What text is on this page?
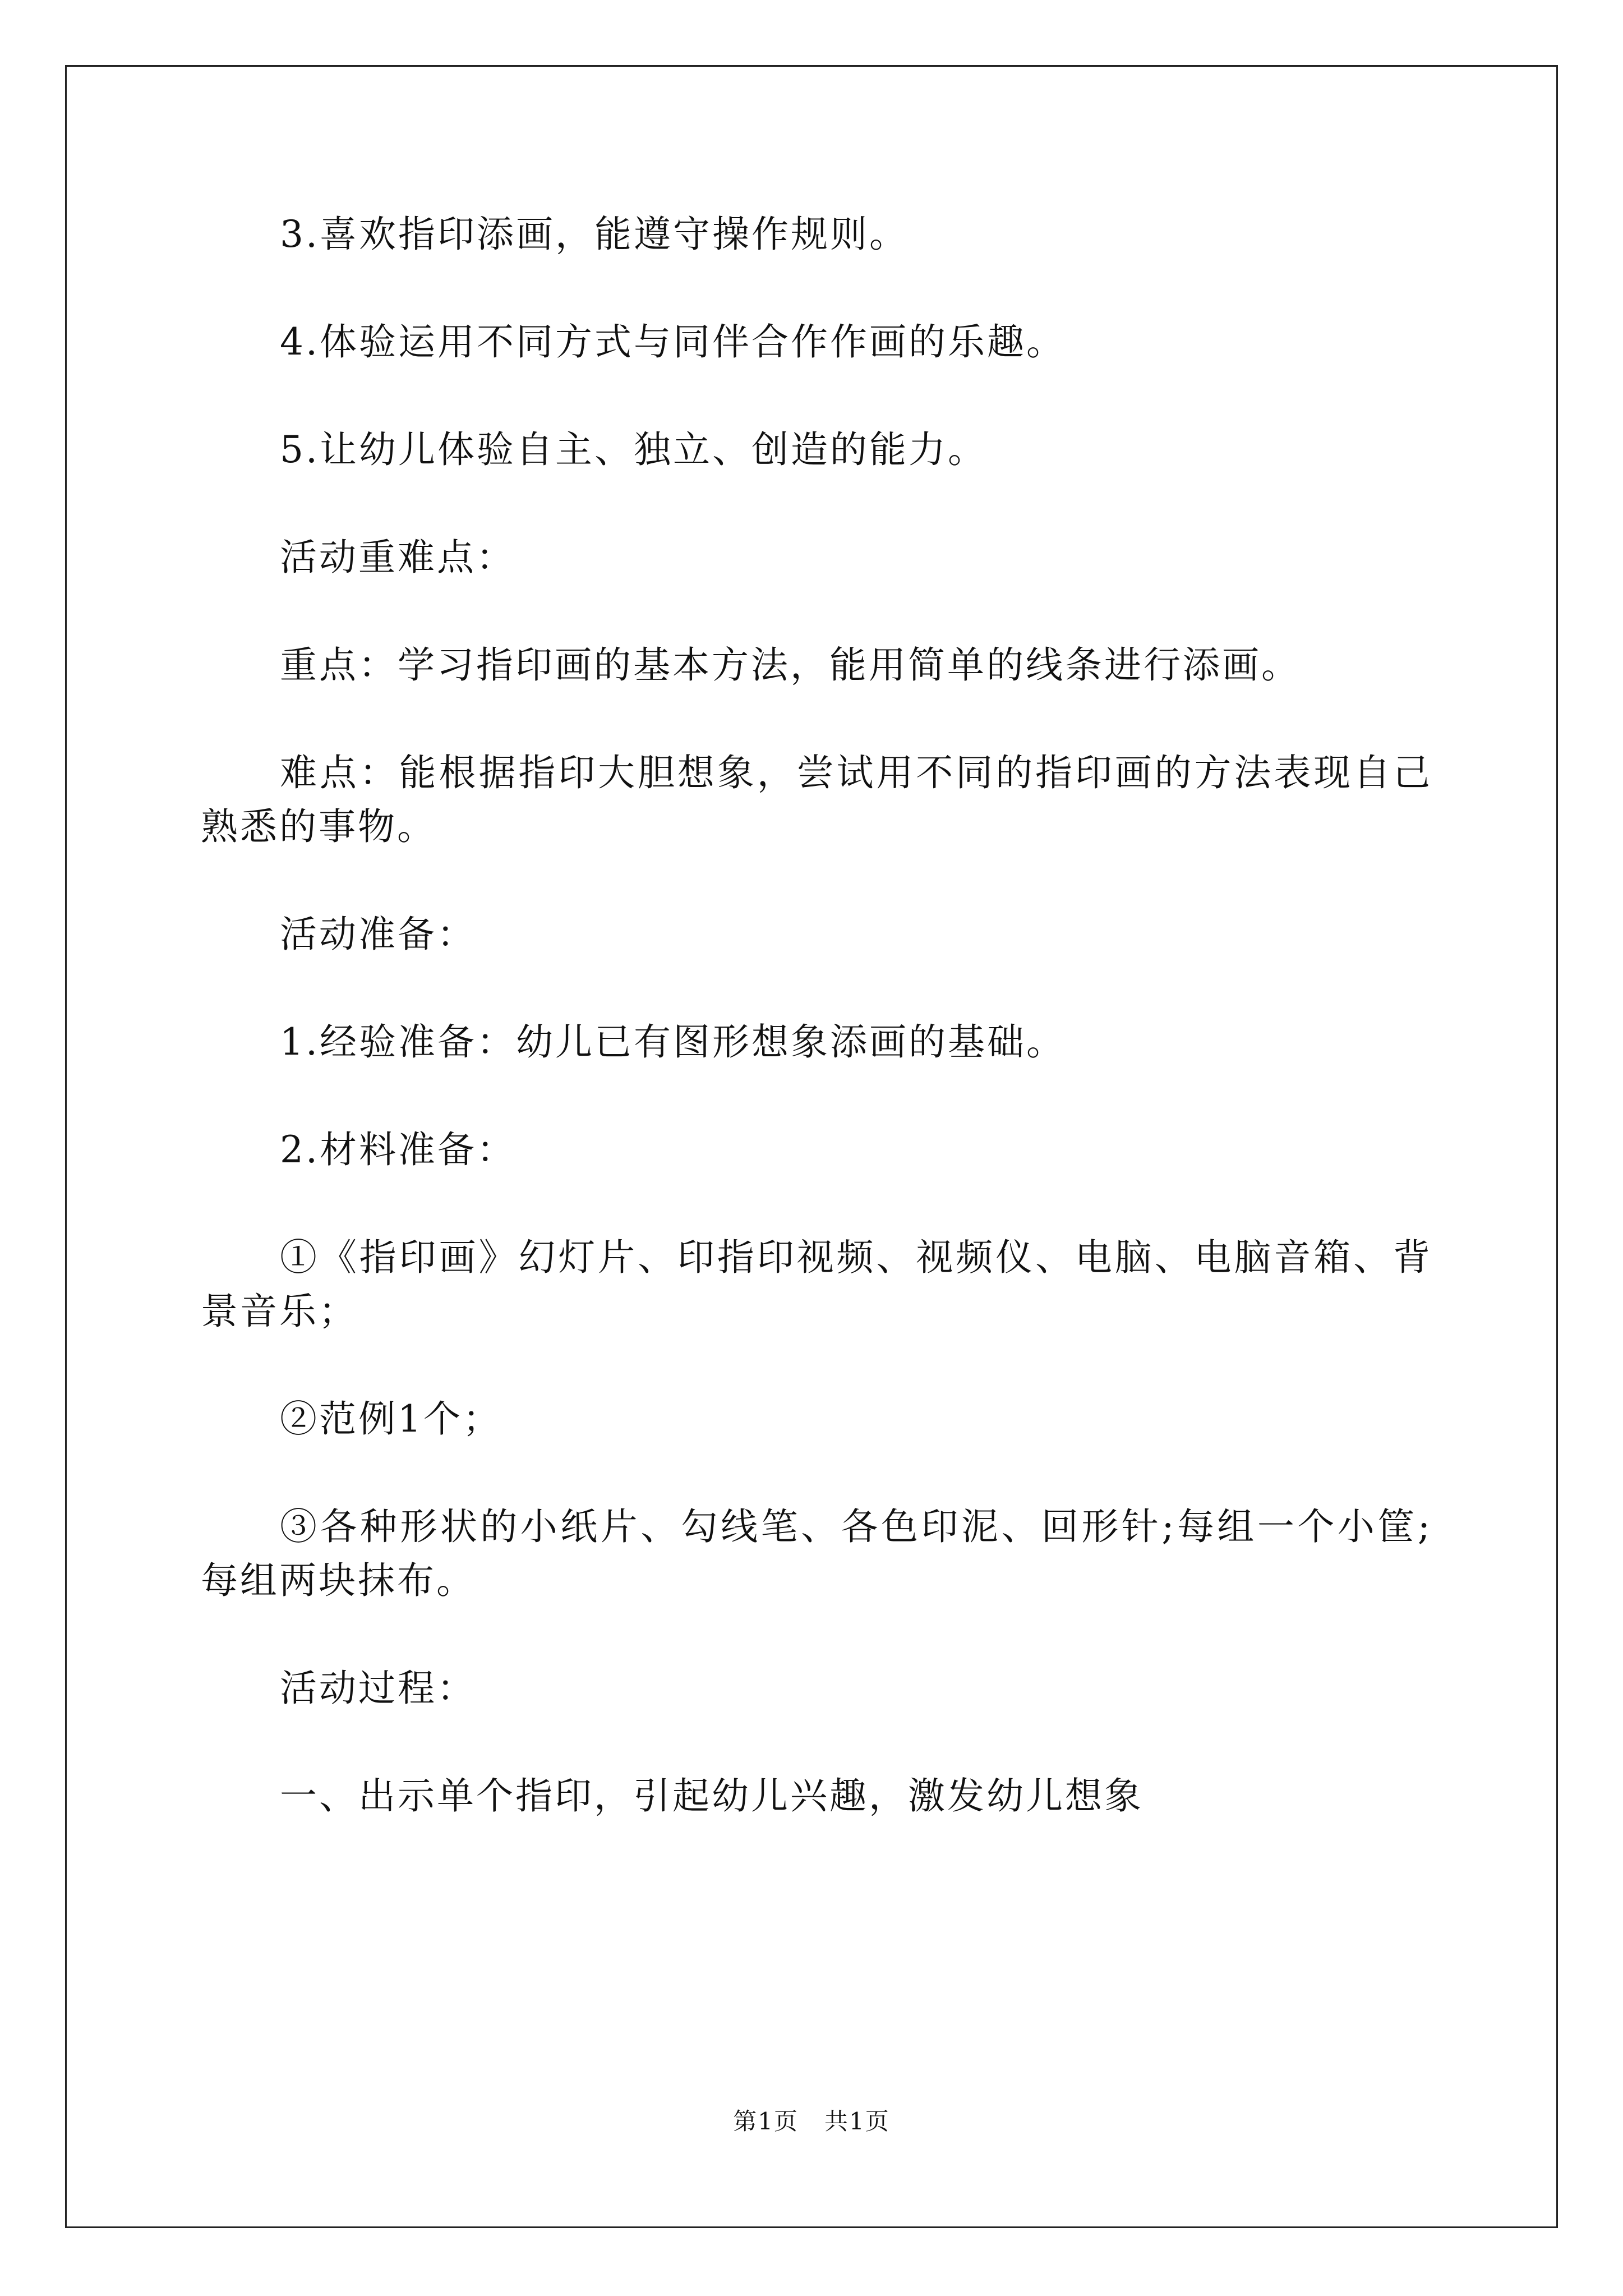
3.喜欢指印添画，能遵守操作规则。

4.体验运用不同方式与同伴合作作画的乐趣。

5.让幼儿体验自主、独立、创造的能力。

活动重难点：

重点：学习指印画的基本方法，能用简单的线条进行添画。

难点：能根据指印大胆想象，尝试用不同的指印画的方法表现自己熟悉的事物。

活动准备：

1.经验准备：幼儿已有图形想象添画的基础。

2.材料准备：

①《指印画》幻灯片、印指印视频、视频仪、电脑、电脑音箱、背景音乐；

②范例1个；

③各种形状的小纸片、勾线笔、各色印泥、回形针;每组一个小筐;每组两块抹布。

活动过程：

一、出示单个指印，引起幼儿兴趣，激发幼儿想象

第1页   共1页
